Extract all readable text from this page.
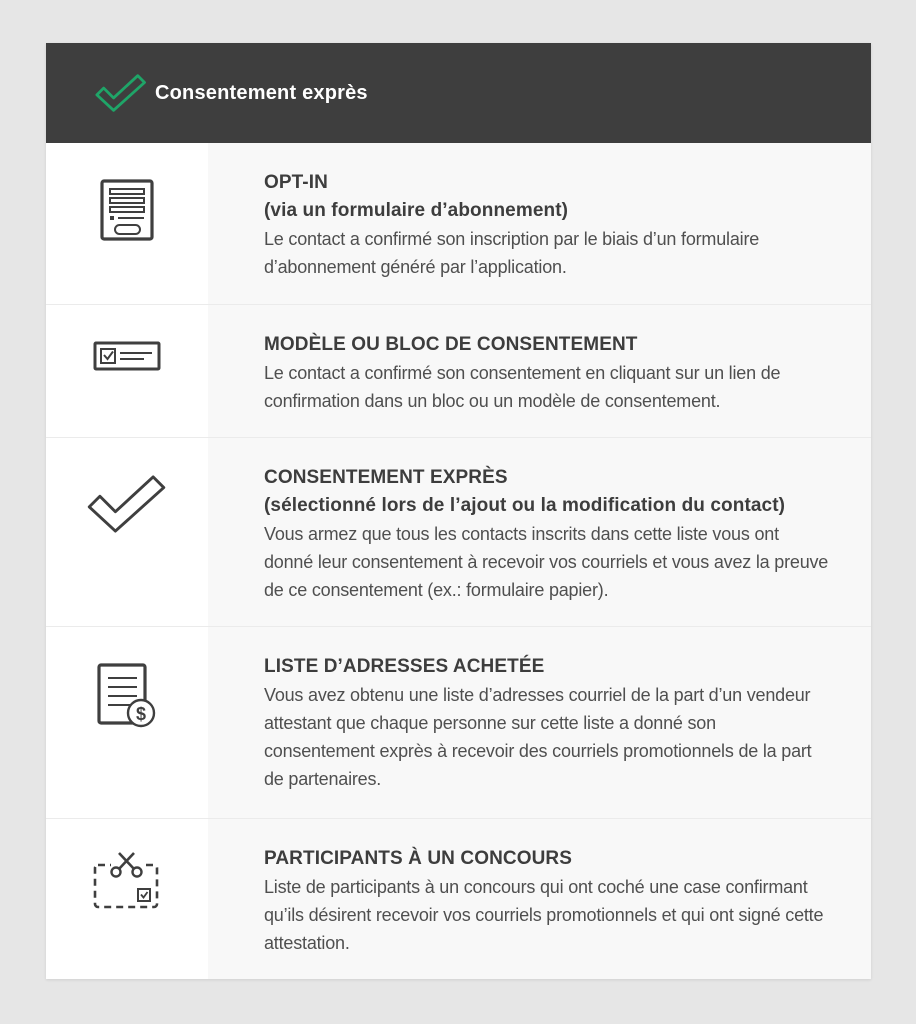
Consentement exprès
OPT-IN
(via un formulaire d’abonnement)
Le contact a confirmé son inscription par le biais d’un formulaire d’abonnement généré par l’application.
MODÈLE OU BLOC DE CONSENTEMENT
Le contact a confirmé son consentement en cliquant sur un lien de confirmation dans un bloc ou un modèle de consentement.
CONSENTEMENT EXPRÈS
(sélectionné lors de l’ajout ou la modification du contact)
Vous armez que tous les contacts inscrits dans cette liste vous ont donné leur consentement à recevoir vos courriels et vous avez la preuve de ce consentement (ex.: formulaire papier).
$
LISTE D’ADRESSES ACHETÉE
Vous avez obtenu une liste d’adresses courriel de la part d’un vendeur attestant que chaque personne sur cette liste a donné son consentement exprès à recevoir des courriels promotionnels de la part de partenaires.
PARTICIPANTS À UN CONCOURS
Liste de participants à un concours qui ont coché une case confirmant qu’ils désirent recevoir vos courriels promotionnels et qui ont signé cette attestation.
